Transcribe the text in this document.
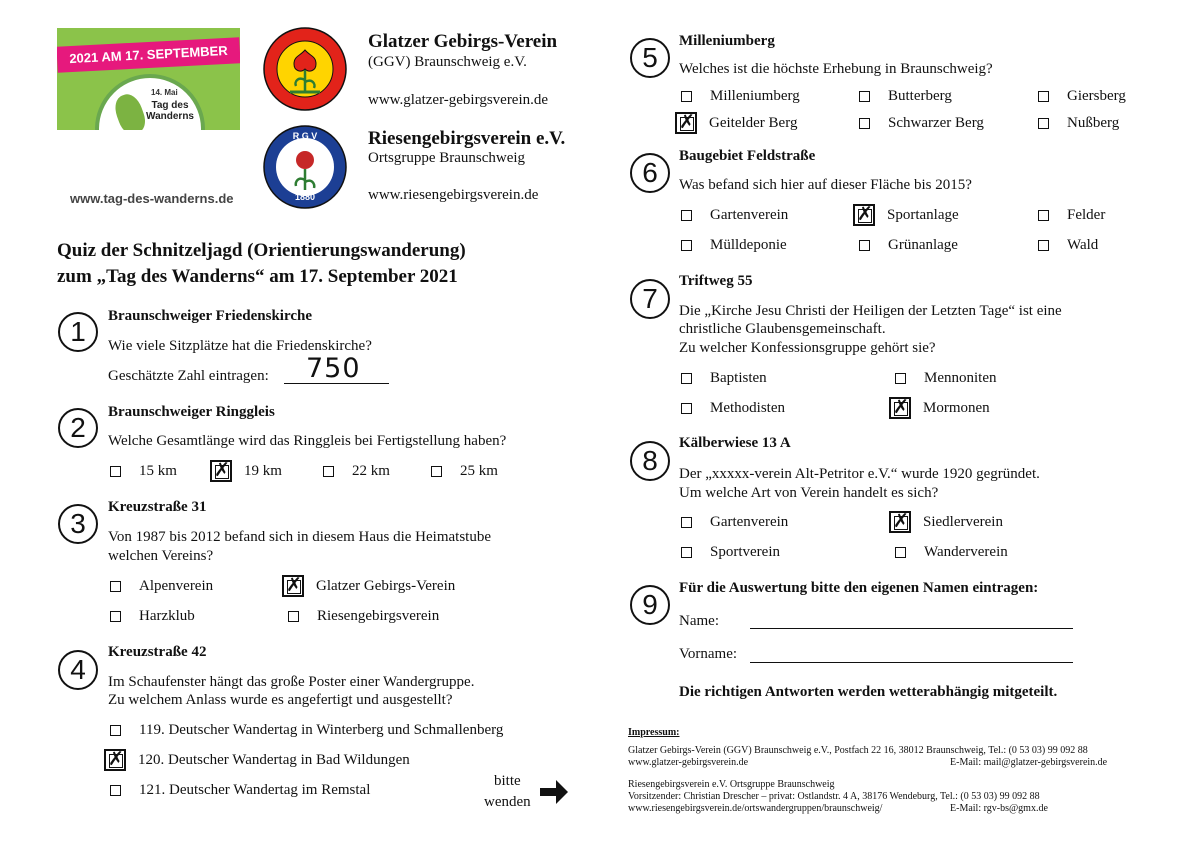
2021 AM 17. SEPTEMBER
14. Mai
Tag des Wanderns
www.tag-des-wanderns.de
R G V
1880
Glatzer Gebirgs-Verein
(GGV) Braunschweig e.V.
www.glatzer-gebirgsverein.de
Riesengebirgsverein e.V.
Ortsgruppe Braunschweig
www.riesengebirgsverein.de
Quiz der Schnitzeljagd (Orientierungswanderung)
zum „Tag des Wanderns“ am 17. September 2021
1	Braunschweiger Friedenskirche
Wie viele Sitzplätze hat die Friedenskirche?
Geschätzte Zahl eintragen: 750
2	Braunschweiger Ringgleis
Welche Gesamtlänge wird das Ringgleis bei Fertigstellung haben?
15 km ✗	19 km	22 km	25 km
3
Kreuzstraße 31
Von 1987 bis 2012 befand sich in diesem Haus die Heimatstube
welchen Vereins?
Alpenverein ✗	Glatzer Gebirgs-Verein
Harzklub	Riesengebirgsverein
4
Kreuzstraße 42
Im Schaufenster hängt das große Poster einer Wandergruppe.
Zu welchem Anlass wurde es angefertigt und ausgestellt?
119. Deutscher Wandertag in Winterberg und Schmallenberg
✗
120. Deutscher Wandertag in Bad Wildungen
121. Deutscher Wandertag im Remstal
bitte
wenden
5
Milleniumberg
Welches ist die höchste Erhebung in Braunschweig?
Milleniumberg	Butterberg	Giersberg
✗
Geitelder Berg	Schwarzer Berg	Nußberg
6
Baugebiet Feldstraße
Was befand sich hier auf dieser Fläche bis 2015?
Gartenverein ✗	Sportanlage	Felder
Mülldeponie	Grünanlage	Wald
7
Triftweg 55
Die „Kirche Jesu Christi der Heiligen der Letzten Tage“ ist eine
christliche Glaubensgemeinschaft.
Zu welcher Konfessionsgruppe gehört sie?
Baptisten	Mennoniten
Methodisten ✗	Mormonen
8
Kälberwiese 13 A
Der „xxxxx-verein Alt-Petritor e.V.“ wurde 1920 gegründet.
Um welche Art von Verein handelt es sich?
Gartenverein ✗	Siedlerverein
Sportverein	Wanderverein
9
Für die Auswertung bitte den eigenen Namen eintragen:
Name:
Vorname:
Die richtigen Antworten werden wetterabhängig mitgeteilt.
Impressum:
Glatzer Gebirgs-Verein (GGV) Braunschweig e.V., Postfach 22 16, 38012 Braunschweig, Tel.: (0 53 03) 99 092 88
www.glatzer-gebirgsverein.de	E-Mail: mail@glatzer-gebirgsverein.de
Riesengebirgsverein e.V. Ortsgruppe Braunschweig
Vorsitzender: Christian Drescher – privat: Ostlandstr. 4 A, 38176 Wendeburg, Tel.: (0 53 03) 99 092 88
www.riesengebirgsverein.de/ortswandergruppen/braunschweig/	E-Mail: rgv-bs@gmx.de
